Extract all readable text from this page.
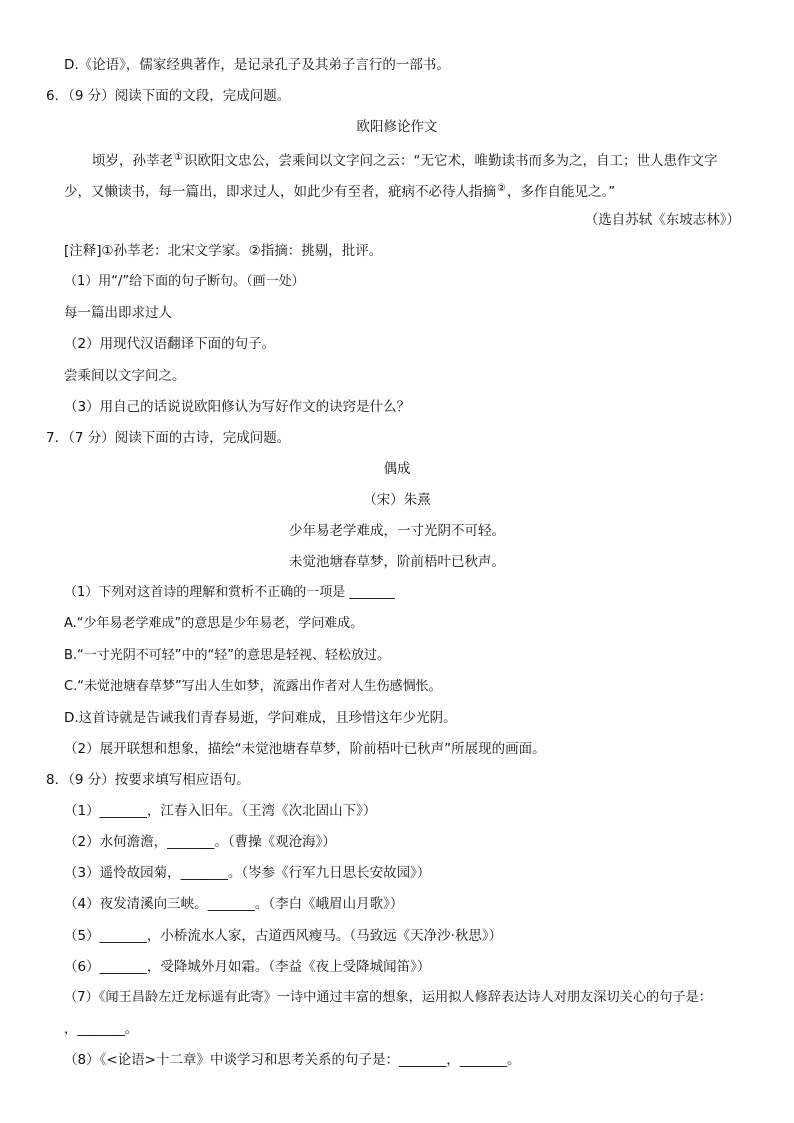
D.《论语》，儒家经典著作，是记录孔子及其弟子言行的一部书。
6．（9 分）阅读下面的文段，完成问题。
欧阳修论作文
顷岁，孙莘老①识欧阳文忠公，尝乘间以文字问之云：“无它术，唯勤读书而多为之，自工；世人患作文字
少，又懒读书，每一篇出，即求过人，如此少有至者，疵病不必待人指摘②，多作自能见之。”
（选自苏轼《东坡志林》）
[注释]①孙莘老：北宋文学家。②指摘：挑剔，批评。
（1）用“/”给下面的句子断句。（画一处）
每一篇出即求过人
（2）用现代汉语翻译下面的句子。
尝乘间以文字问之。
（3）用自己的话说说欧阳修认为写好作文的诀窍是什么？
7．（7 分）阅读下面的古诗，完成问题。
偶成
（宋）朱熹
少年易老学难成，一寸光阴不可轻。
未觉池塘春草梦，阶前梧叶已秋声。
（1）下列对这首诗的理解和赏析不正确的一项是 _______
A.“少年易老学难成”的意思是少年易老，学问难成。
B.“一寸光阴不可轻”中的“轻”的意思是轻视、轻松放过。
C.“未觉池塘春草梦”写出人生如梦，流露出作者对人生伤感惆怅。
D.这首诗就是告诫我们青春易逝，学问难成，且珍惜这年少光阴。
（2）展开联想和想象，描绘“未觉池塘春草梦，阶前梧叶已秋声”所展现的画面。
8．（9 分）按要求填写相应语句。
（1）_______，江春入旧年。（王湾《次北固山下》）
（2）水何澹澹，_______。（曹操《观沧海》）
（3）遥怜故园菊，_______。（岑参《行军九日思长安故园》）
（4）夜发清溪向三峡。_______。（李白《峨眉山月歌》）
（5）_______，小桥流水人家，古道西风瘦马。（马致远《天净沙·秋思》）
（6）_______，受降城外月如霜。（李益《夜上受降城闻笛》）
（7）《闻王昌龄左迁龙标遥有此寄》一诗中通过丰富的想象，运用拟人修辞表达诗人对朋友深切关心的句子是：
，_______。
（8）《<论语>十二章》中谈学习和思考关系的句子是：_______，_______。
